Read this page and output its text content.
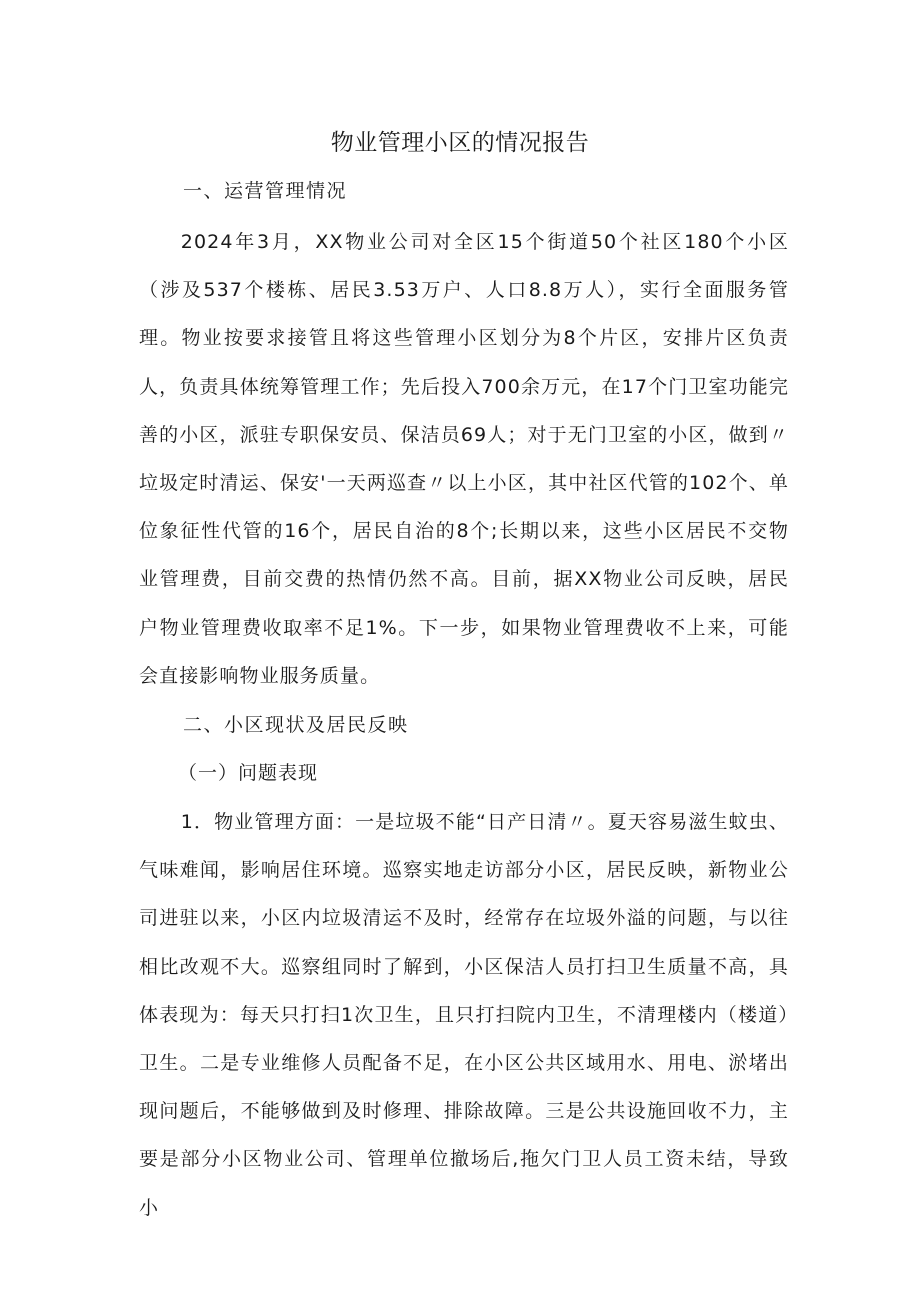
物业管理小区的情况报告
一、运营管理情况
2024年3月，XX物业公司对全区15个街道50个社区180个小区（涉及537个楼栋、居民3.53万户、人口8.8万人），实行全面服务管理。物业按要求接管且将这些管理小区划分为8个片区，安排片区负责人，负责具体统筹管理工作；先后投入700余万元，在17个门卫室功能完善的小区，派驻专职保安员、保洁员69人；对于无门卫室的小区，做到〃垃圾定时清运、保安'一天两巡查〃以上小区，其中社区代管的102个、单位象征性代管的16个，居民自治的8个;长期以来，这些小区居民不交物业管理费，目前交费的热情仍然不高。目前，据XX物业公司反映，居民户物业管理费收取率不足1%。下一步，如果物业管理费收不上来，可能会直接影响物业服务质量。
二、小区现状及居民反映
（一）问题表现
1．物业管理方面：一是垃圾不能“日产日清〃。夏天容易滋生蚊虫、气味难闻，影响居住环境。巡察实地走访部分小区，居民反映，新物业公司进驻以来，小区内垃圾清运不及时，经常存在垃圾外溢的问题，与以往相比改观不大。巡察组同时了解到，小区保洁人员打扫卫生质量不高，具体表现为：每天只打扫1次卫生，且只打扫院内卫生，不清理楼内（楼道）卫生。二是专业维修人员配备不足，在小区公共区域用水、用电、淤堵出现问题后，不能够做到及时修理、排除故障。三是公共设施回收不力，主要是部分小区物业公司、管理单位撤场后,拖欠门卫人员工资未结，导致小
